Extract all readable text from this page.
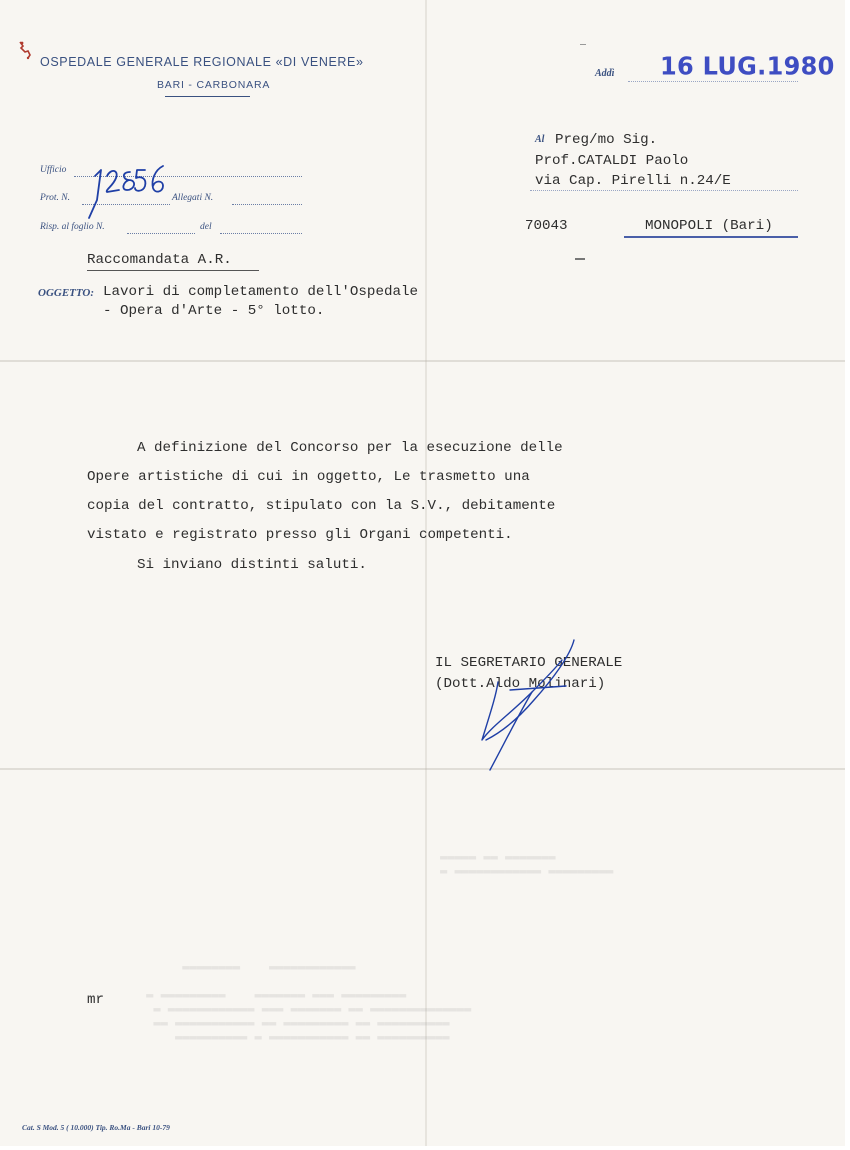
▬▬▬▬▬ ▬▬ ▬▬▬▬▬▬▬
▬ ▬▬▬▬▬▬▬▬▬▬▬▬ ▬▬▬▬▬▬▬▬▬
▬▬▬▬▬▬▬▬    ▬▬▬▬▬▬▬▬▬▬▬▬

▬ ▬▬▬▬▬▬▬▬▬    ▬▬▬▬▬▬▬ ▬▬▬ ▬▬▬▬▬▬▬▬▬
▬ ▬▬▬▬▬▬▬▬▬▬▬▬ ▬▬▬ ▬▬▬▬▬▬▬ ▬▬ ▬▬▬▬▬▬▬▬▬▬▬▬▬▬
▬▬ ▬▬▬▬▬▬▬▬▬▬▬ ▬▬ ▬▬▬▬▬▬▬▬▬ ▬▬ ▬▬▬▬▬▬▬▬▬▬
▬▬▬▬▬▬▬▬▬▬ ▬ ▬▬▬▬▬▬▬▬▬▬▬ ▬▬ ▬▬▬▬▬▬▬▬▬▬
OSPEDALE GENERALE REGIONALE «DI VENERE»
BARI - CARBONARA
Addì 16 LUG.1980
Ufficio
Prot. N.	Allegati N.
Risp. al foglio N.	del
Al Preg/mo Sig.
Prof.CATALDI Paolo
via Cap. Pirelli n.24/E
70043	MONOPOLI (Bari)
Raccomandata A.R.
OGGETTO: Lavori di completamento dell'Ospedale
- Opera d'Arte - 5° lotto.
A definizione del Concorso per la esecuzione delle
Opere artistiche di cui in oggetto, Le trasmetto una
copia del contratto, stipulato con la S.V., debitamente
vistato e registrato presso gli Organi competenti.
Si inviano distinti saluti.
IL SEGRETARIO GENERALE
(Dott.Aldo Molinari)
mr
Cat. S Mod. 5 ( 10.000) Tip. Ro.Ma - Bari 10-79
